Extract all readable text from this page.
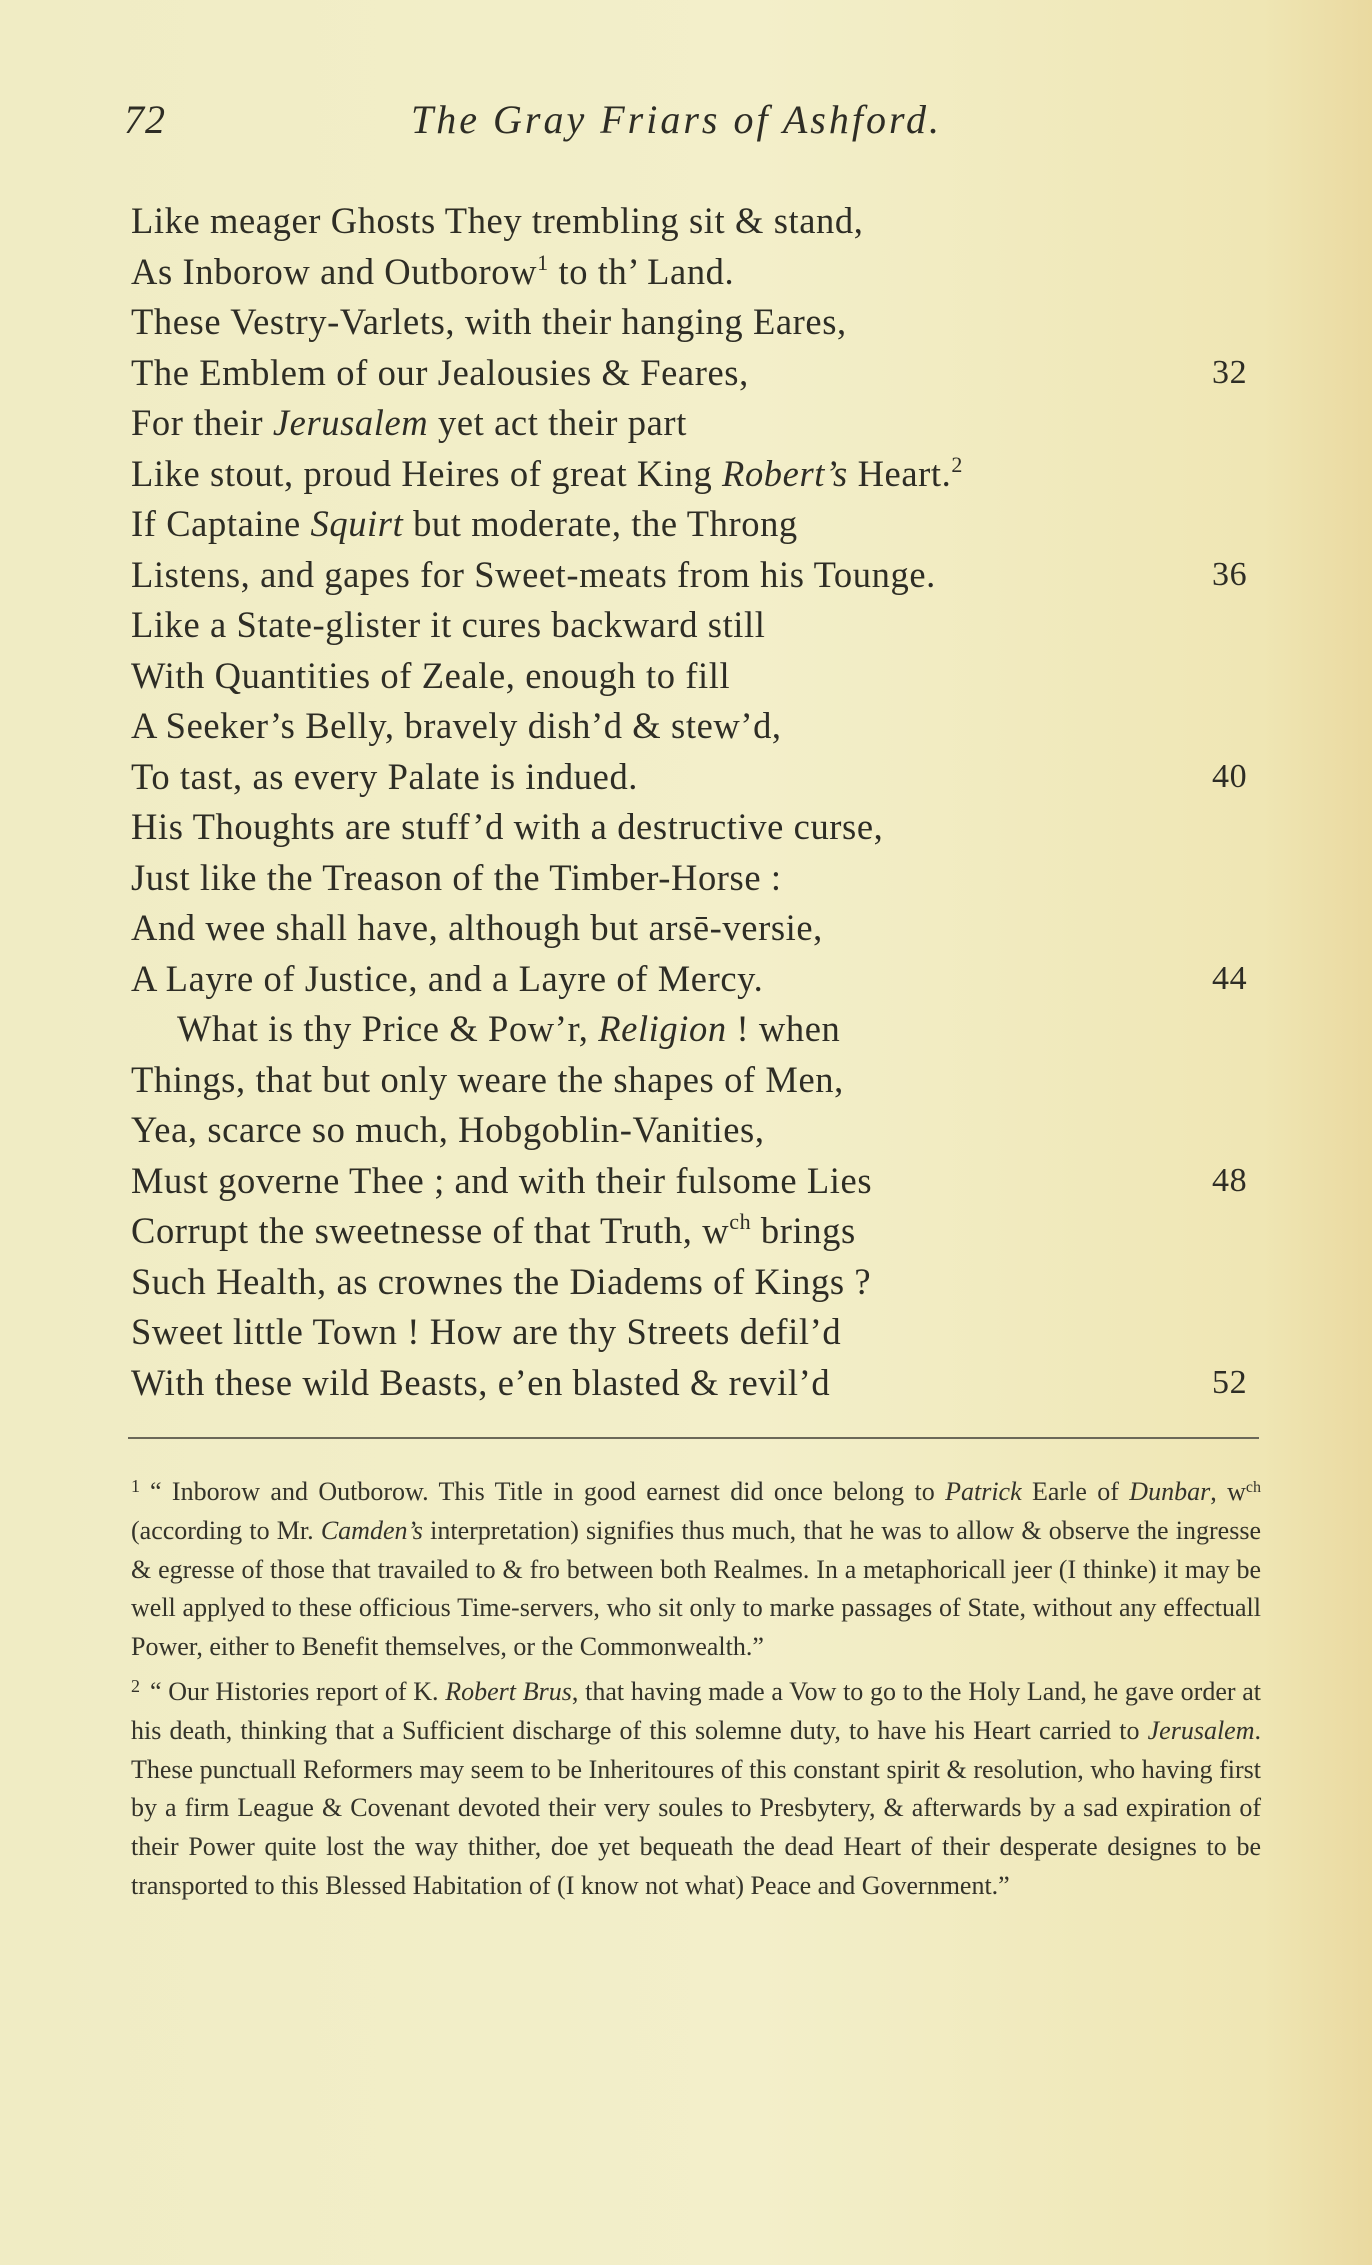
72	The Gray Friars of Ashford.
Like meager Ghosts They trembling sit & stand,
As Inborow and Outborow$^1$ to th’ Land.
These Vestry-Varlets, with their hanging Eares,
The Emblem of our Jealousies & Feares,	32
For their Jerusalem yet act their part
Like stout, proud Heires of great King Robert’s Heart.$^2$
If Captaine Squirt but moderate, the Throng
Listens, and gapes for Sweet-meats from his Tounge.	36
Like a State-glister it cures backward still
With Quantities of Zeale, enough to fill
A Seeker’s Belly, bravely dish’d & stew’d,
To tast, as every Palate is indued.	40
His Thoughts are stuff’d with a destructive curse,
Just like the Treason of the Timber-Horse :
And wee shall have, although but arsē-versie,
A Layre of Justice, and a Layre of Mercy.	44
What is thy Price & Pow’r, Religion ! when
Things, that but only weare the shapes of Men,
Yea, scarce so much, Hobgoblin-Vanities,
Must governe Thee ; and with their fulsome Lies	48
Corrupt the sweetnesse of that Truth, $w^{ch}$ brings
Such Health, as crownes the Diadems of Kings ?
Sweet little Town ! How are thy Streets defil’d
With these wild Beasts, e’en blasted & revil’d	52

$^1$ “ Inborow and Outborow. This Title in good earnest did once belong to Patrick Earle of Dunbar, $w^{ch}$ (according to Mr. Camden’s interpretation) signifies thus much, that he was to allow & observe the ingresse & egresse of those that travailed to & fro between both Realmes. In a metaphoricall jeer (I thinke) it may be well applyed to these officious Time-servers, who sit only to marke passages of State, without any effectuall Power, either to Benefit themselves, or the Commonwealth.”

$^2$ “ Our Histories report of K. Robert Brus, that having made a Vow to go to the Holy Land, he gave order at his death, thinking that a Sufficient discharge of this solemne duty, to have his Heart carried to Jerusalem. These punctuall Reformers may seem to be Inheritoures of this constant spirit & resolution, who having first by a firm League & Covenant devoted their very soules to Presbytery, & afterwards by a sad expiration of their Power quite lost the way thither, doe yet bequeath the dead Heart of their desperate designes to be transported to this Blessed Habitation of (I know not what) Peace and Government.”
